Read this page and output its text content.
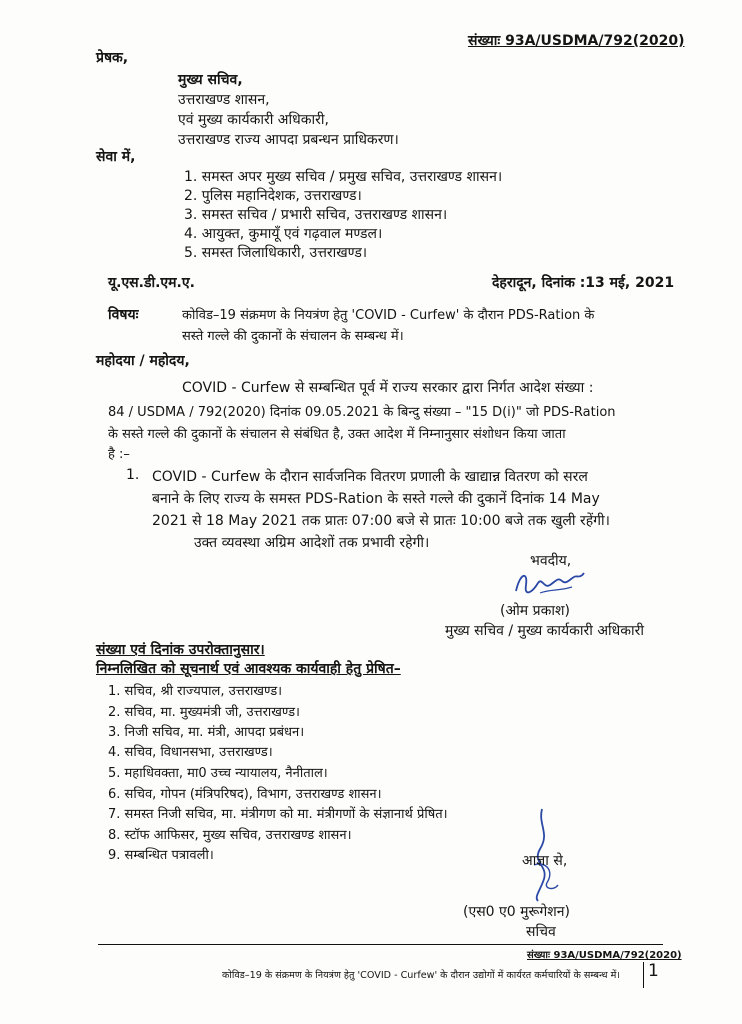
संख्याः 93A/USDMA/792(2020)
प्रेषक,
मुख्य सचिव,
उत्तराखण्ड शासन,
एवं मुख्य कार्यकारी अधिकारी,
उत्तराखण्ड राज्य आपदा प्रबन्धन प्राधिकरण।
सेवा में,
1. समस्त अपर मुख्य सचिव / प्रमुख सचिव, उत्तराखण्ड शासन।
2. पुलिस महानिदेशक, उत्तराखण्ड।
3. समस्त सचिव / प्रभारी सचिव, उत्तराखण्ड शासन।
4. आयुक्त, कुमायूँ एवं गढ़वाल मण्डल।
5. समस्त जिलाधिकारी, उत्तराखण्ड।
यू.एस.डी.एम.ए.	देहरादून, दिनांक :13 मई, 2021
विषयः	कोविड–19 संक्रमण के नियत्रंण हेतु 'COVID - Curfew' के दौरान PDS-Ration के
सस्ते गल्ले की दुकानों के संचालन के सम्बन्ध में।
महोदया / महोदय,
COVID - Curfew से सम्बन्धित पूर्व में राज्य सरकार द्वारा निर्गत आदेश संख्या :
84 / USDMA / 792(2020) दिनांक 09.05.2021 के बिन्दु संख्या – "15 D(i)" जो PDS-Ration
के सस्ते गल्ले की दुकानों के संचालन से संबंधित है, उक्त आदेश में निम्नानुसार संशोधन किया जाता
है :–
1. COVID - Curfew के दौरान सार्वजनिक वितरण प्रणाली के खाद्यान्न वितरण को सरल
बनाने के लिए राज्य के समस्त PDS-Ration के सस्ते गल्ले की दुकानें दिनांक 14 May
2021 से 18 May 2021 तक प्रातः 07:00 बजे से प्रातः 10:00 बजे तक खुली रहेंगी।
उक्त व्यवस्था अग्रिम आदेशों तक प्रभावी रहेगी।
भवदीय,
(ओम प्रकाश)
मुख्य सचिव / मुख्य कार्यकारी अधिकारी
संख्या एवं दिनांक उपरोक्तानुसार।
निम्नलिखित को सूचनार्थ एवं आवश्यक कार्यवाही हेतु प्रेषित–
1. सचिव, श्री राज्यपाल, उत्तराखण्ड।
2. सचिव, मा. मुख्यमंत्री जी, उत्तराखण्ड।
3. निजी सचिव, मा. मंत्री, आपदा प्रबंधन।
4. सचिव, विधानसभा, उत्तराखण्ड।
5. महाधिवक्ता, मा0 उच्च न्यायालय, नैनीताल।
6. सचिव, गोपन (मंत्रिपरिषद), विभाग, उत्तराखण्ड शासन।
7. समस्त निजी सचिव, मा. मंत्रीगण को मा. मंत्रीगणों के संज्ञानार्थ प्रेषित।
8. स्टॉफ आफिसर, मुख्य सचिव, उत्तराखण्ड शासन।
9. सम्बन्धित पत्रावली।	आज्ञा से,
(एस0 ए0 मुरूगेशन)
सचिव
संख्याः 93A/USDMA/792(2020)
कोविड–19 के संक्रमण के नियत्रंण हेतु 'COVID - Curfew' के दौरान उद्योगों में कार्यरत कर्मचारियों के सम्बन्ध में। 1
